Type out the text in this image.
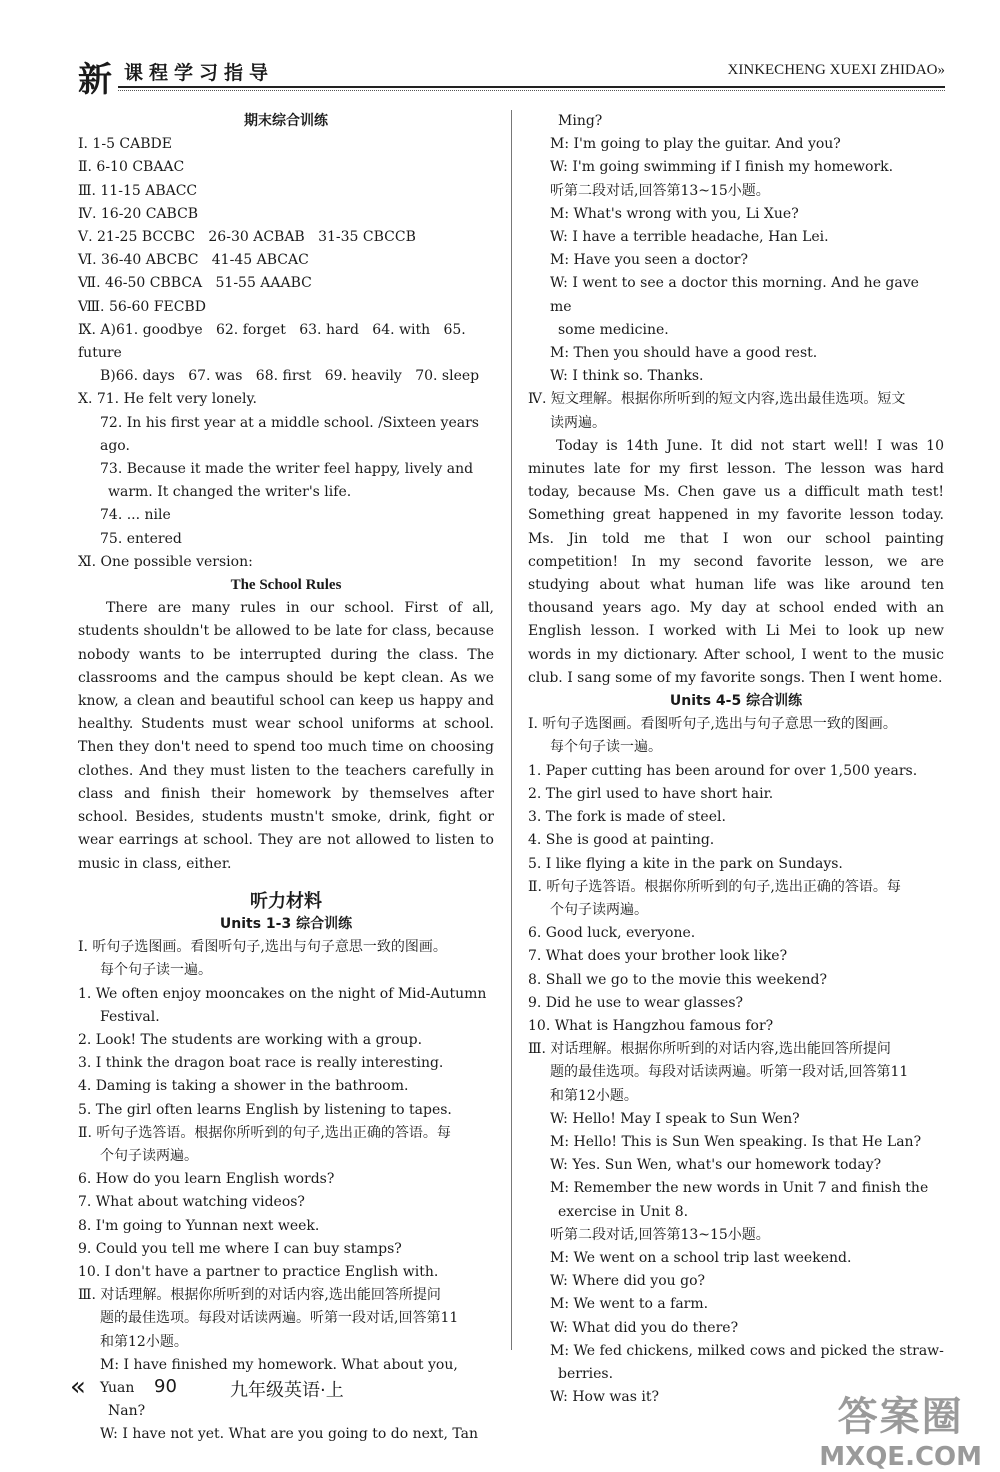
新 课程学习指导	XINKECHENG XUEXI ZHIDAO»
期末综合训练
Ⅰ. 1-5 CABDE
Ⅱ. 6-10 CBAAC
Ⅲ. 11-15 ABACC
Ⅳ. 16-20 CABCB
Ⅴ. 21-25 BCCBC   26-30 ACBAB   31-35 CBCCB
Ⅵ. 36-40 ABCBC   41-45 ABCAC
Ⅶ. 46-50 CBBCA   51-55 AAABC
Ⅷ. 56-60 FECBD
Ⅸ. A)61. goodbye   62. forget   63. hard   64. with   65. future
B)66. days   67. was   68. first   69. heavily   70. sleep
Ⅹ. 71. He felt very lonely.
72. In his first year at a middle school. /Sixteen years ago.
73. Because it made the writer feel happy, lively and
warm. It changed the writer's life.
74. ... nile
75. entered
Ⅺ. One possible version:
The School Rules
There are many rules in our school. First of all, students shouldn't be allowed to be late for class, because nobody wants to be interrupted during the class. The classrooms and the campus should be kept clean. As we know, a clean and beautiful school can keep us happy and healthy. Students must wear school uniforms at school. Then they don't need to spend too much time on choosing clothes. And they must listen to the teachers carefully in class and finish their homework by themselves after school. Besides, students mustn't smoke, drink, fight or wear earrings at school. They are not allowed to listen to music in class, either.
听力材料
Units 1-3 综合训练
Ⅰ. 听句子选图画。看图听句子,选出与句子意思一致的图画。
每个句子读一遍。
1. We often enjoy mooncakes on the night of Mid-Autumn
Festival.
2. Look! The students are working with a group.
3. I think the dragon boat race is really interesting.
4. Daming is taking a shower in the bathroom.
5. The girl often learns English by listening to tapes.
Ⅱ. 听句子选答语。根据你所听到的句子,选出正确的答语。每
个句子读两遍。
6. How do you learn English words?
7. What about watching videos?
8. I'm going to Yunnan next week.
9. Could you tell me where I can buy stamps?
10. I don't have a partner to practice English with.
Ⅲ. 对话理解。根据你所听到的对话内容,选出能回答所提问
题的最佳选项。每段对话读两遍。听第一段对话,回答第11
和第12小题。
M: I have finished my homework. What about you, Yuan
Nan?
W: I have not yet. What are you going to do next, Tan
Ming?
M: I'm going to play the guitar. And you?
W: I'm going swimming if I finish my homework.
听第二段对话,回答第13~15小题。
M: What's wrong with you, Li Xue?
W: I have a terrible headache, Han Lei.
M: Have you seen a doctor?
W: I went to see a doctor this morning. And he gave me
some medicine.
M: Then you should have a good rest.
W: I think so. Thanks.
Ⅳ. 短文理解。根据你所听到的短文内容,选出最佳选项。短文
读两遍。
Today is 14th June. It did not start well! I was 10 minutes late for my first lesson. The lesson was hard today, because Ms. Chen gave us a difficult math test! Something great happened in my favorite lesson today. Ms. Jin told me that I won our school painting competition! In my second favorite lesson, we are studying about what human life was like around ten thousand years ago. My day at school ended with an English lesson. I worked with Li Mei to look up new words in my dictionary. After school, I went to the music club. I sang some of my favorite songs. Then I went home.
Units 4-5 综合训练
Ⅰ. 听句子选图画。看图听句子,选出与句子意思一致的图画。
每个句子读一遍。
1. Paper cutting has been around for over 1,500 years.
2. The girl used to have short hair.
3. The fork is made of steel.
4. She is good at painting.
5. I like flying a kite in the park on Sundays.
Ⅱ. 听句子选答语。根据你所听到的句子,选出正确的答语。每
个句子读两遍。
6. Good luck, everyone.
7. What does your brother look like?
8. Shall we go to the movie this weekend?
9. Did he use to wear glasses?
10. What is Hangzhou famous for?
Ⅲ. 对话理解。根据你所听到的对话内容,选出能回答所提问
题的最佳选项。每段对话读两遍。听第一段对话,回答第11
和第12小题。
W: Hello! May I speak to Sun Wen?
M: Hello! This is Sun Wen speaking. Is that He Lan?
W: Yes. Sun Wen, what's our homework today?
M: Remember the new words in Unit 7 and finish the
exercise in Unit 8.
听第二段对话,回答第13~15小题。
M: We went on a school trip last weekend.
W: Where did you go?
M: We went to a farm.
W: What did you do there?
M: We fed chickens, milked cows and picked the straw-
berries.
W: How was it?
«	90	九年级英语·上
答案圈
MXQE.COM
